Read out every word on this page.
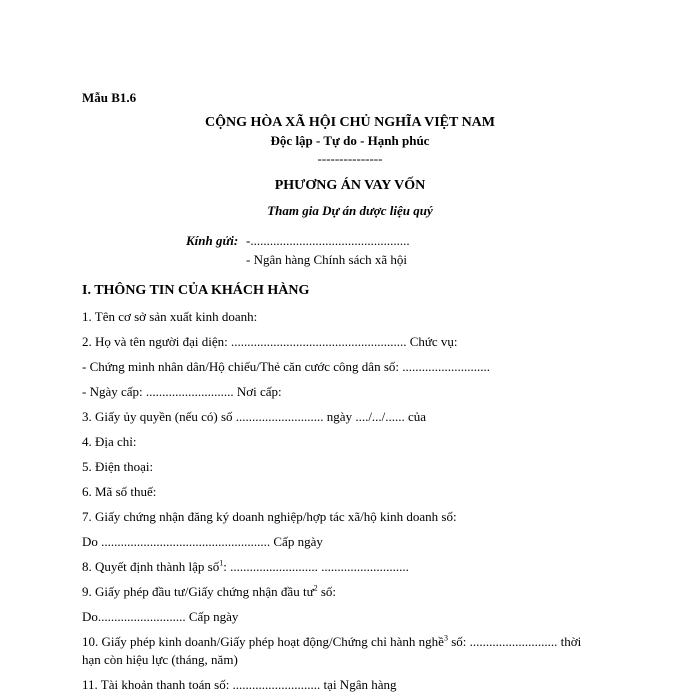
Mẫu B1.6
CỘNG HÒA XÃ HỘI CHỦ NGHĨA VIỆT NAM
Độc lập - Tự do - Hạnh phúc
---------------
PHƯƠNG ÁN VAY VỐN
Tham gia Dự án dược liệu quý
Kính gửi: -.................................................
- Ngân hàng Chính sách xã hội
I. THÔNG TIN CỦA KHÁCH HÀNG
1. Tên cơ sở sản xuất kinh doanh:
2. Họ và tên người đại diện: ...................................................... Chức vụ:
- Chứng minh nhân dân/Hộ chiếu/Thẻ căn cước công dân số: ...........................
- Ngày cấp: ........................... Nơi cấp:
3. Giấy ủy quyền (nếu có) số ........................... ngày ..../.../...... của
4. Địa chỉ:
5. Điện thoại:
6. Mã số thuế:
7. Giấy chứng nhận đăng ký doanh nghiệp/hợp tác xã/hộ kinh doanh số:
Do .................................................... Cấp ngày
8. Quyết định thành lập số$^1$: ........................... ...........................
9. Giấy phép đầu tư/Giấy chứng nhận đầu $tư^2$ số:
Do........................... Cấp ngày
10. Giấy phép kinh doanh/Giấy phép hoạt động/Chứng chỉ hành nghề$^3$ số: ........................... thời
hạn còn hiệu lực (tháng, năm)
11. Tài khoản thanh toán số: ........................... tại Ngân hàng
